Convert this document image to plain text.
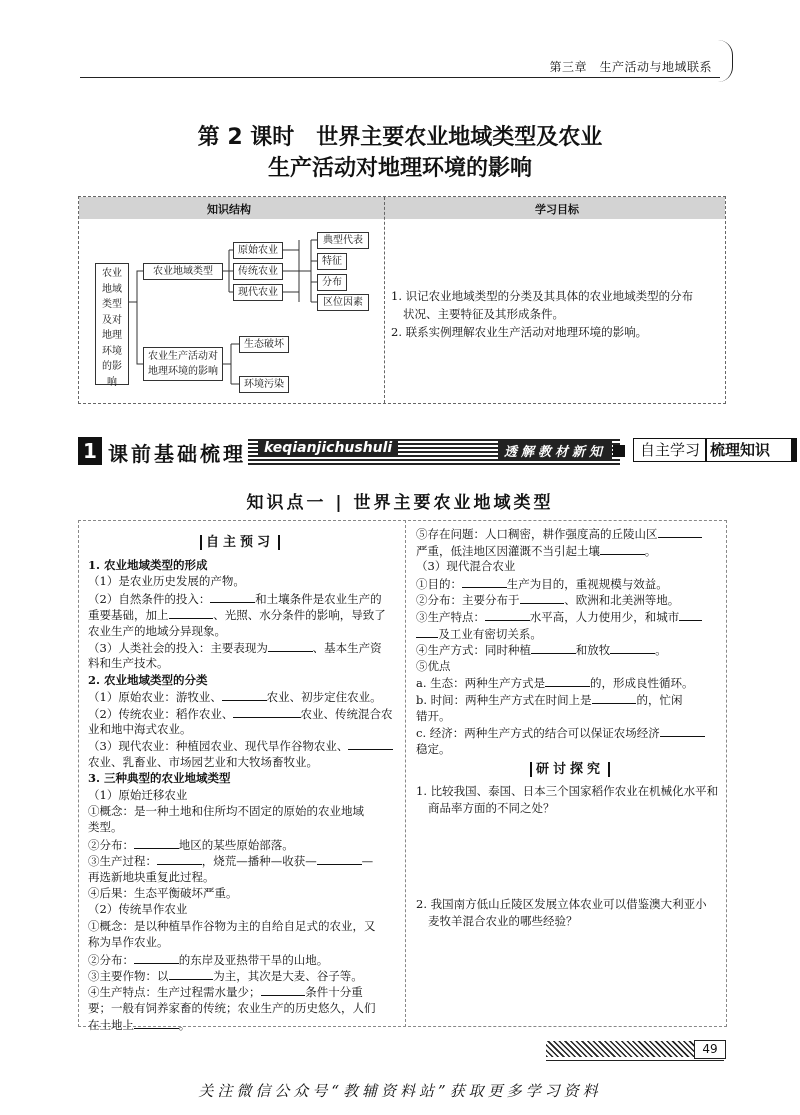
第三章　生产活动与地域联系
第 2 课时　世界主要农业地域类型及农业
生产活动对地理环境的影响
知识结构	学习目标
农业地域类型及对地理环境的影响
农业地域类型
原始农业
传统农业
现代农业
典型代表
特征
分布
区位因素
农业生产活动对地理环境的影响
生态破坏
环境污染
1. 识记农业地域类型的分类及其具体的农业地域类型的分布
状况、主要特征及其形成条件。
2. 联系实例理解农业生产活动对地理环境的影响。
1 课前基础梳理	keqianjichushuli	透解教材新知	自主学习 梳理知识
知识点一 | 世界主要农业地域类型
自主预习
1. 农业地域类型的形成
（1）是农业历史发展的产物。
（2）自然条件的投入：	和土壤条件是农业生产的
重要基础，加上	、光照、水分条件的影响，导致了
农业生产的地域分异现象。
（3）人类社会的投入：主要表现为	、基本生产资
料和生产技术。
2. 农业地域类型的分类
（1）原始农业：游牧业、	农业、初步定住农业。
（2）传统农业：稻作农业、	农业、传统混合农
业和地中海式农业。
（3）现代农业：种植园农业、现代旱作谷物农业、
农业、乳畜业、市场园艺业和大牧场畜牧业。
3. 三种典型的农业地域类型
（1）原始迁移农业
①概念：是一种土地和住所均不固定的原始的农业地域
类型。
②分布：	地区的某些原始部落。
③生产过程：	，烧荒—播种—收获—	—
再选新地块重复此过程。
④后果：生态平衡破坏严重。
（2）传统旱作农业
①概念：是以种植旱作谷物为主的自给自足式的农业，又
称为旱作农业。
②分布：	的东岸及亚热带干旱的山地。
③主要作物：以	为主，其次是大麦、谷子等。
④生产特点：生产过程需水量少；	条件十分重
要；一般有饲养家畜的传统；农业生产的历史悠久，人们
在土地上	。
⑤存在问题：人口稠密，耕作强度高的丘陵山区
严重，低洼地区因灌溉不当引起土壤	。
（3）现代混合农业
①目的：	生产为目的，重视规模与效益。
②分布：主要分布于	、欧洲和北美洲等地。
③生产特点：	水平高，人力使用少，和城市
及工业有密切关系。
④生产方式：同时种植	和放牧	。
⑤优点
a. 生态：两种生产方式是	的，形成良性循环。
b. 时间：两种生产方式在时间上是	的，忙闲
错开。
c. 经济：两种生产方式的结合可以保证农场经济
稳定。
研讨探究
1. 比较我国、泰国、日本三个国家稻作农业在机械化水平和
商品率方面的不同之处？
2. 我国南方低山丘陵区发展立体农业可以借鉴澳大利亚小
麦牧羊混合农业的哪些经验？
49
关注微信公众号“教辅资料站”获取更多学习资料
